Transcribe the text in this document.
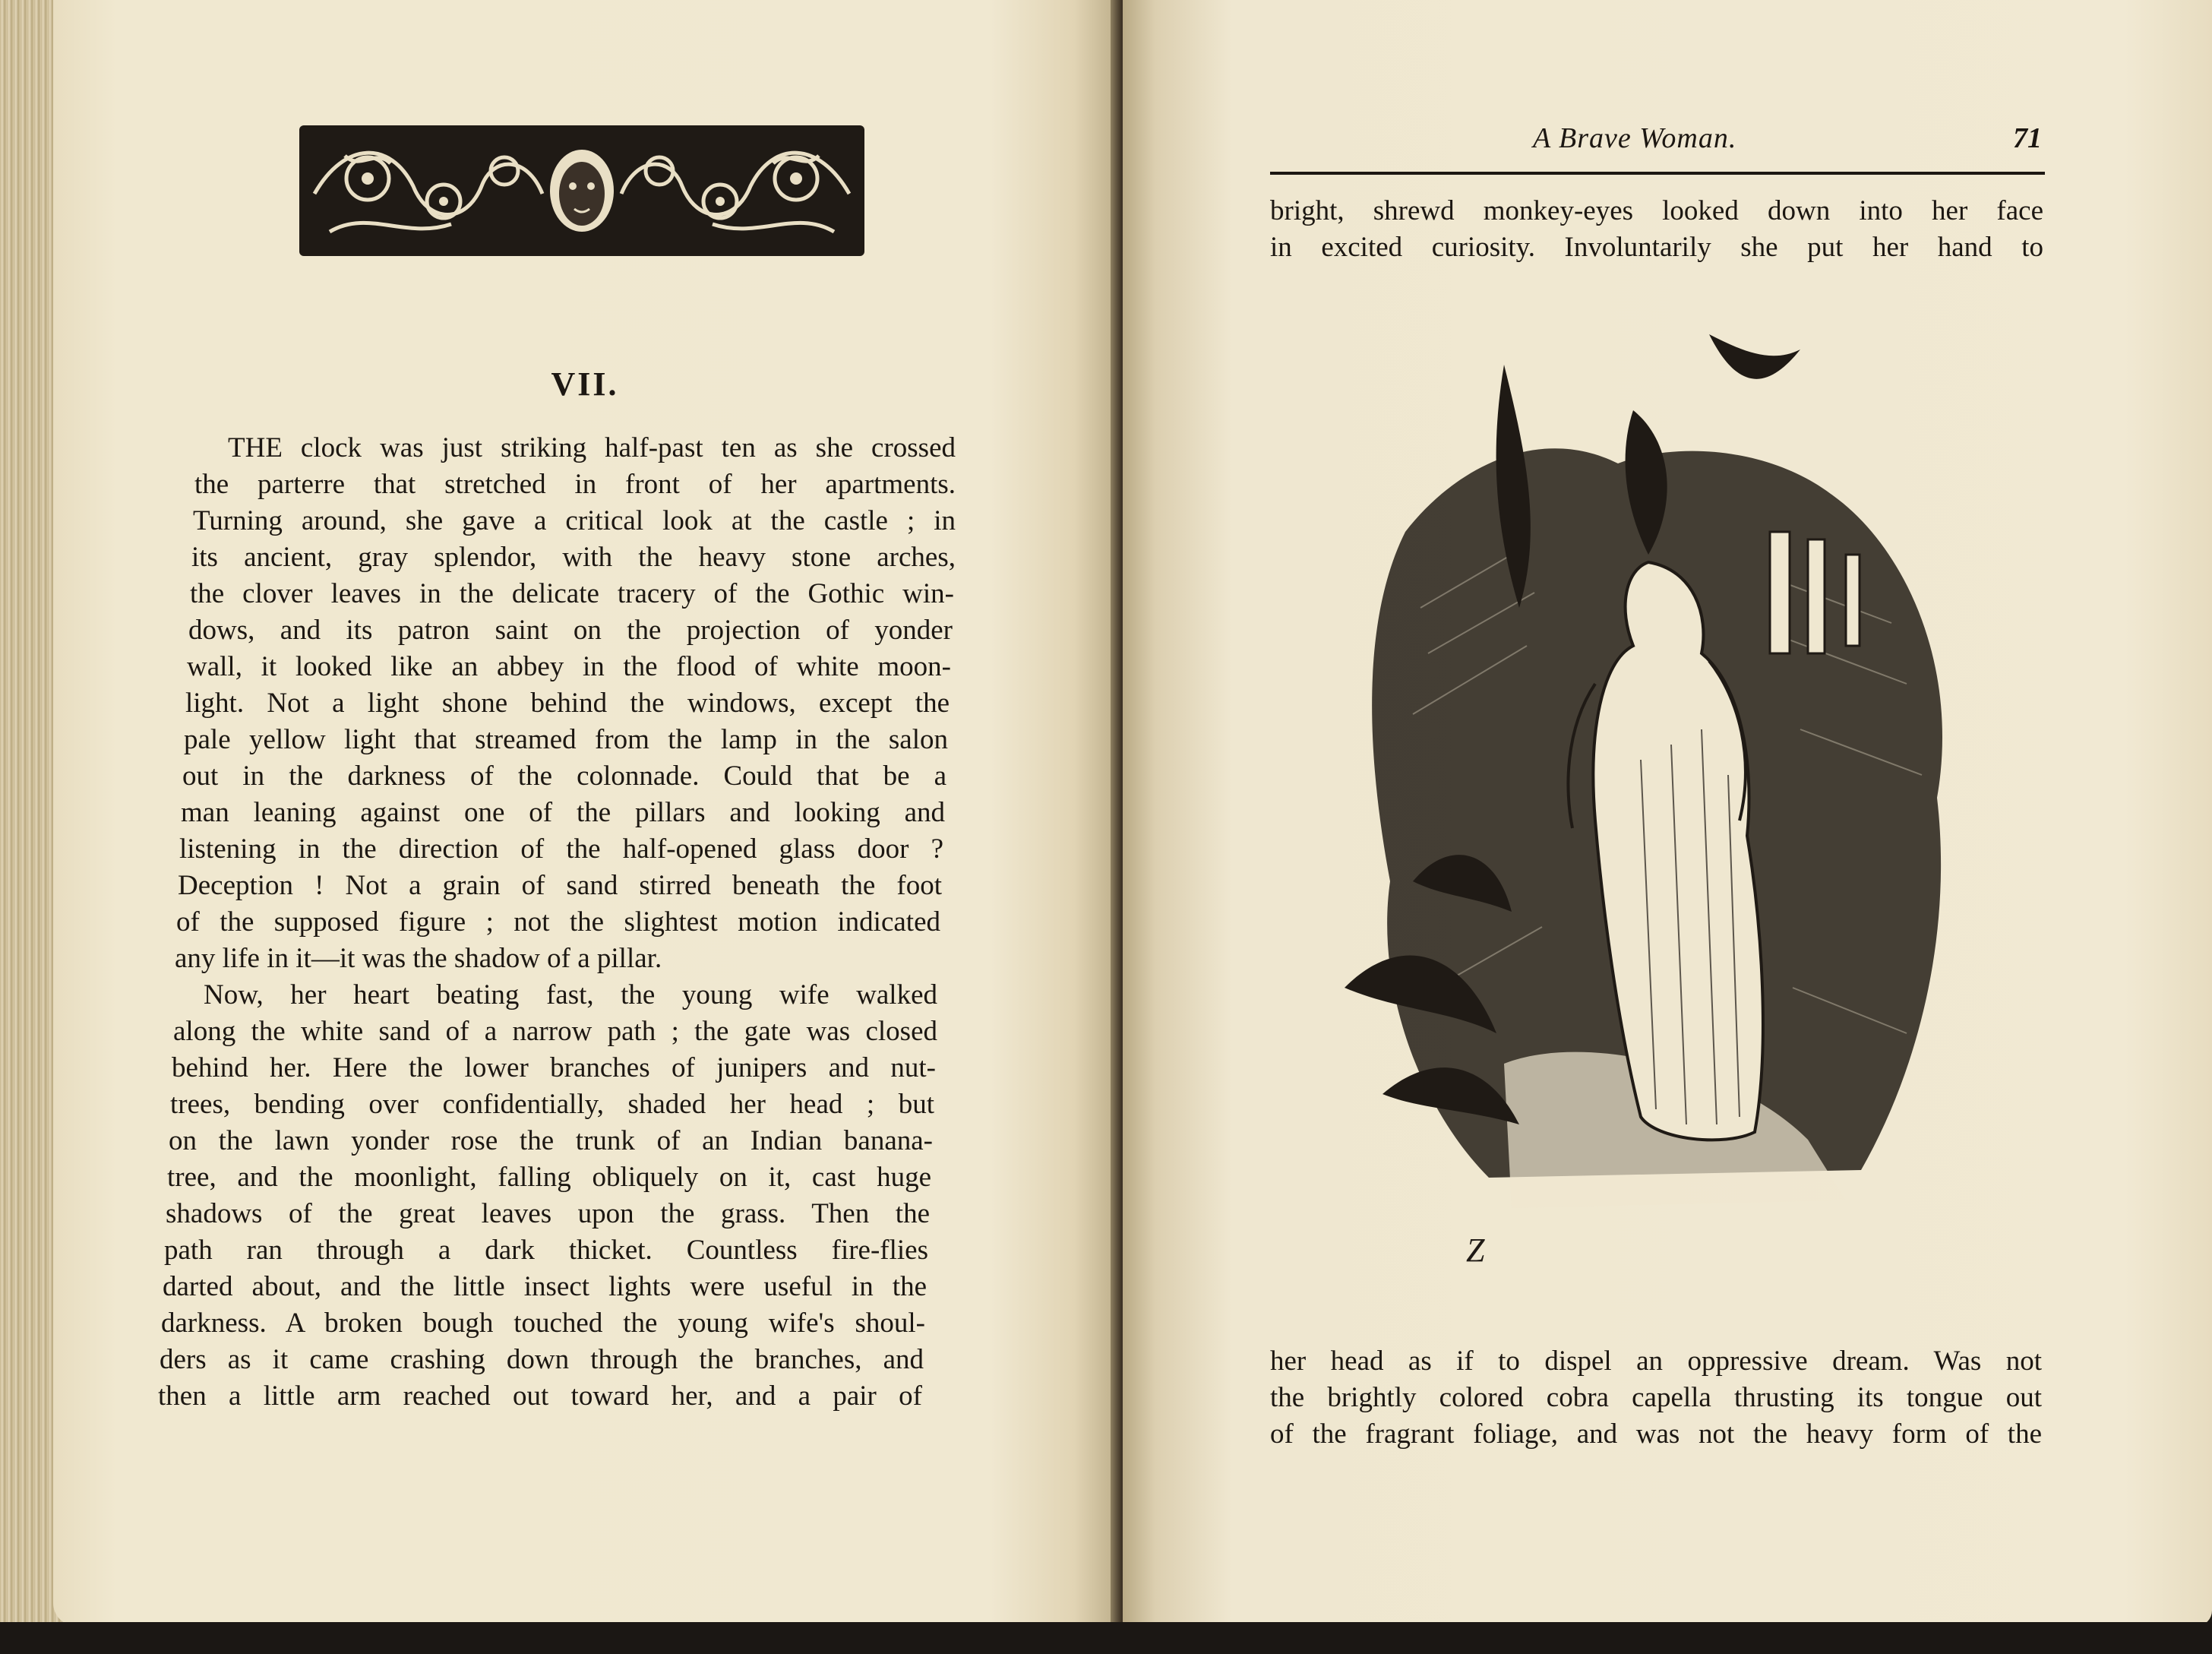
VII.
THE clock was just striking half-past ten as she crossed
the parterre that stretched in front of her apartments.
Turning around, she gave a critical look at the castle ; in
its ancient, gray splendor, with the heavy stone arches,
the clover leaves in the delicate tracery of the Gothic win-
dows, and its patron saint on the projection of yonder
wall, it looked like an abbey in the flood of white moon-
light. Not a light shone behind the windows, except the
pale yellow light that streamed from the lamp in the salon
out in the darkness of the colonnade. Could that be a
man leaning against one of the pillars and looking and
listening in the direction of the half-opened glass door ?
Deception ! Not a grain of sand stirred beneath the foot
of the supposed figure ; not the slightest motion indicated
any life in it—it was the shadow of a pillar.
Now, her heart beating fast, the young wife walked
along the white sand of a narrow path ; the gate was closed
behind her. Here the lower branches of junipers and nut-
trees, bending over confidentially, shaded her head ; but
on the lawn yonder rose the trunk of an Indian banana-
tree, and the moonlight, falling obliquely on it, cast huge
shadows of the great leaves upon the grass. Then the
path ran through a dark thicket. Countless fire-flies
darted about, and the little insect lights were useful in the
darkness. A broken bough touched the young wife's shoul-
ders as it came crashing down through the branches, and
then a little arm reached out toward her, and a pair of
A Brave Woman.	71
bright, shrewd monkey-eyes looked down into her face
in excited curiosity. Involuntarily she put her hand to
Z
her head as if to dispel an oppressive dream. Was not
the brightly colored cobra capella thrusting its tongue out
of the fragrant foliage, and was not the heavy form of the
